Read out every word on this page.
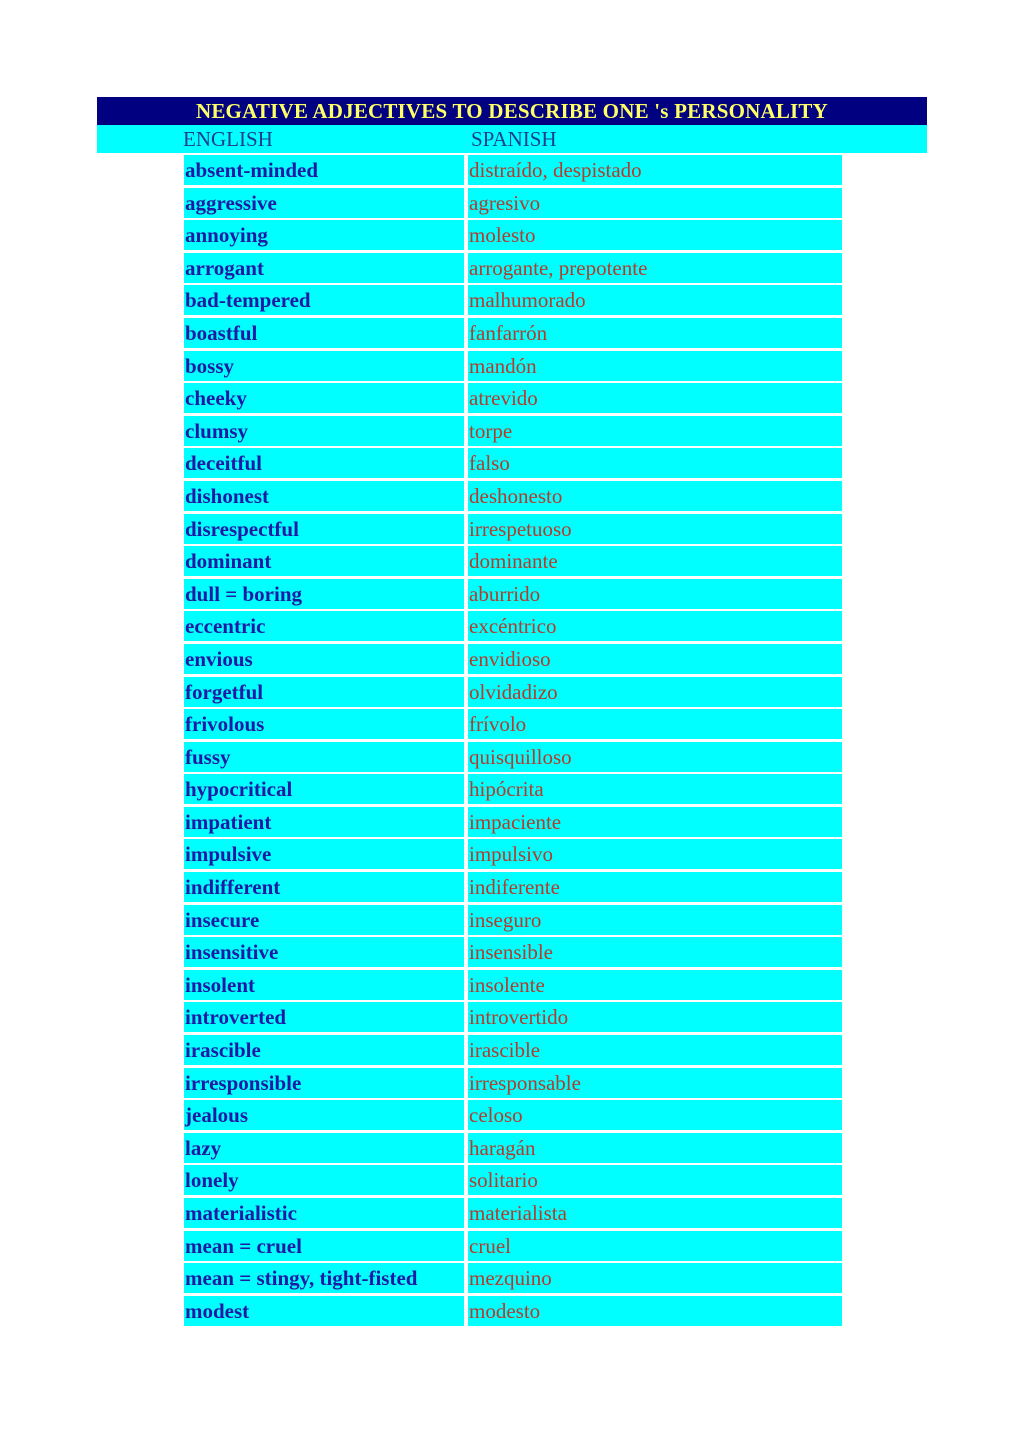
NEGATIVE ADJECTIVES TO DESCRIBE ONE 's PERSONALITY
ENGLISH	SPANISH
absent-minded	distraído, despistado
aggressive	agresivo
annoying	molesto
arrogant	arrogante, prepotente
bad-tempered	malhumorado
boastful	fanfarrón
bossy	mandón
cheeky	atrevido
clumsy	torpe
deceitful	falso
dishonest	deshonesto
disrespectful	irrespetuoso
dominant	dominante
dull = boring	aburrido
eccentric	excéntrico
envious	envidioso
forgetful	olvidadizo
frivolous	frívolo
fussy	quisquilloso
hypocritical	hipócrita
impatient	impaciente
impulsive	impulsivo
indifferent	indiferente
insecure	inseguro
insensitive	insensible
insolent	insolente
introverted	introvertido
irascible	irascible
irresponsible	irresponsable
jealous	celoso
lazy	haragán
lonely	solitario
materialistic	materialista
mean = cruel	cruel
mean = stingy, tight-fisted	mezquino
modest	modesto
